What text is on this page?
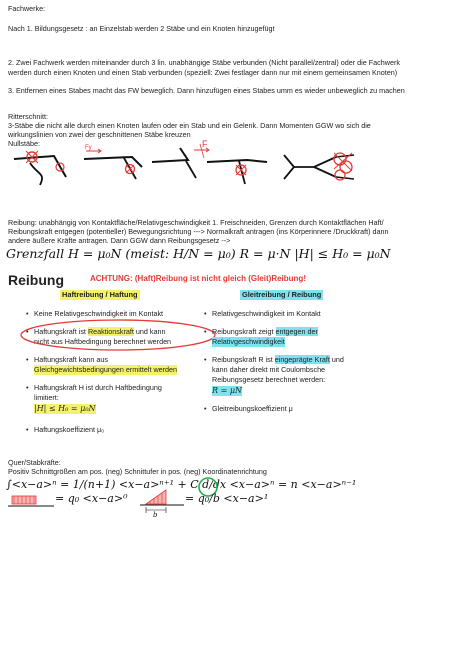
Fachwerke:
Nach 1. Bildungsgesetz : an Einzelstab werden 2 Stäbe und ein Knoten hinzugefügt
2. Zwei Fachwerk werden miteinander durch 3 lin. unabhängige Stäbe verbunden (Nicht parallel/zentral) oder die Fachwerk
werden durch einen Knoten und einen Stab verbunden (speziell: Zwei festlager dann nur mit einem gemeinsamen Knoten)
3. Entfernen eines Stabes macht das FW beweglich. Dann hinzufügen eines Stabes umm es wieder unbeweglich zu machen
Ritterschnitt:
3-Stäbe die nicht alle durch einen Knoten laufen oder ein Stab und ein Gelenk. Dann Momenten GGW wo sich die
wirkungslinien von zwei der geschnittenen Stäbe kreuzen
Nullstäbe:	Fy	F
Reibung: unabhängig von Kontaktfläche/Relativgeschwindigkeit 1. Freischneiden, Grenzen durch Kontaktflächen Haft/
Reibungskraft entgegen (potentieller) Bewegungsrichtung ---> Normalkraft antragen (ins Körperinnere /Druckkraft) dann
andere äußere Kräfte antragen. Dann GGW dann Reibungsgesetz -->
Grenzfall H = μ₀N (meist: H/N = μ₀) R = μ·N |H| ≤ H₀ = μ₀N
Reibung	ACHTUNG: (Haft)Reibung ist nicht gleich (Gleit)Reibung!
Haftreibung / Haftung	Gleitreibung / Reibung
• Keine Relativgeschwindigkeit im Kontakt
• Haftungskraft ist Reaktionskraft und kann
nicht aus Haftbedingung berechnet werden
• Haftungskraft kann aus
Gleichgewichtsbedingungen ermittelt werden
• Haftungskraft H ist durch Haftbedingung
limitiert:
|H| ≤ H₀ = μ₀N
• Haftungskoeffizient μ₀
• Relativgeschwindigkeit im Kontakt
• Reibungskraft zeigt entgegen der
Relativgeschwindigkeit
• Reibungskraft R ist eingeprägte Kraft und
kann daher direkt mit Coulombsche
Reibungsgesetz berechnet werden:
R = μN
• Gleitreibungskoeffizient μ
Quer/Stabkräfte:
Positiv Schnittgrößen am pos. (neg) Schnittufer in pos. (neg) Koordinatenrichtung
∫<x−a>ⁿ = 1/(n+1) <x−a>ⁿ⁺¹ + C d/dx <x−a>ⁿ = n <x−a>ⁿ⁻¹
= q₀ <x−a>⁰
b
= q₀/b <x−a>¹
